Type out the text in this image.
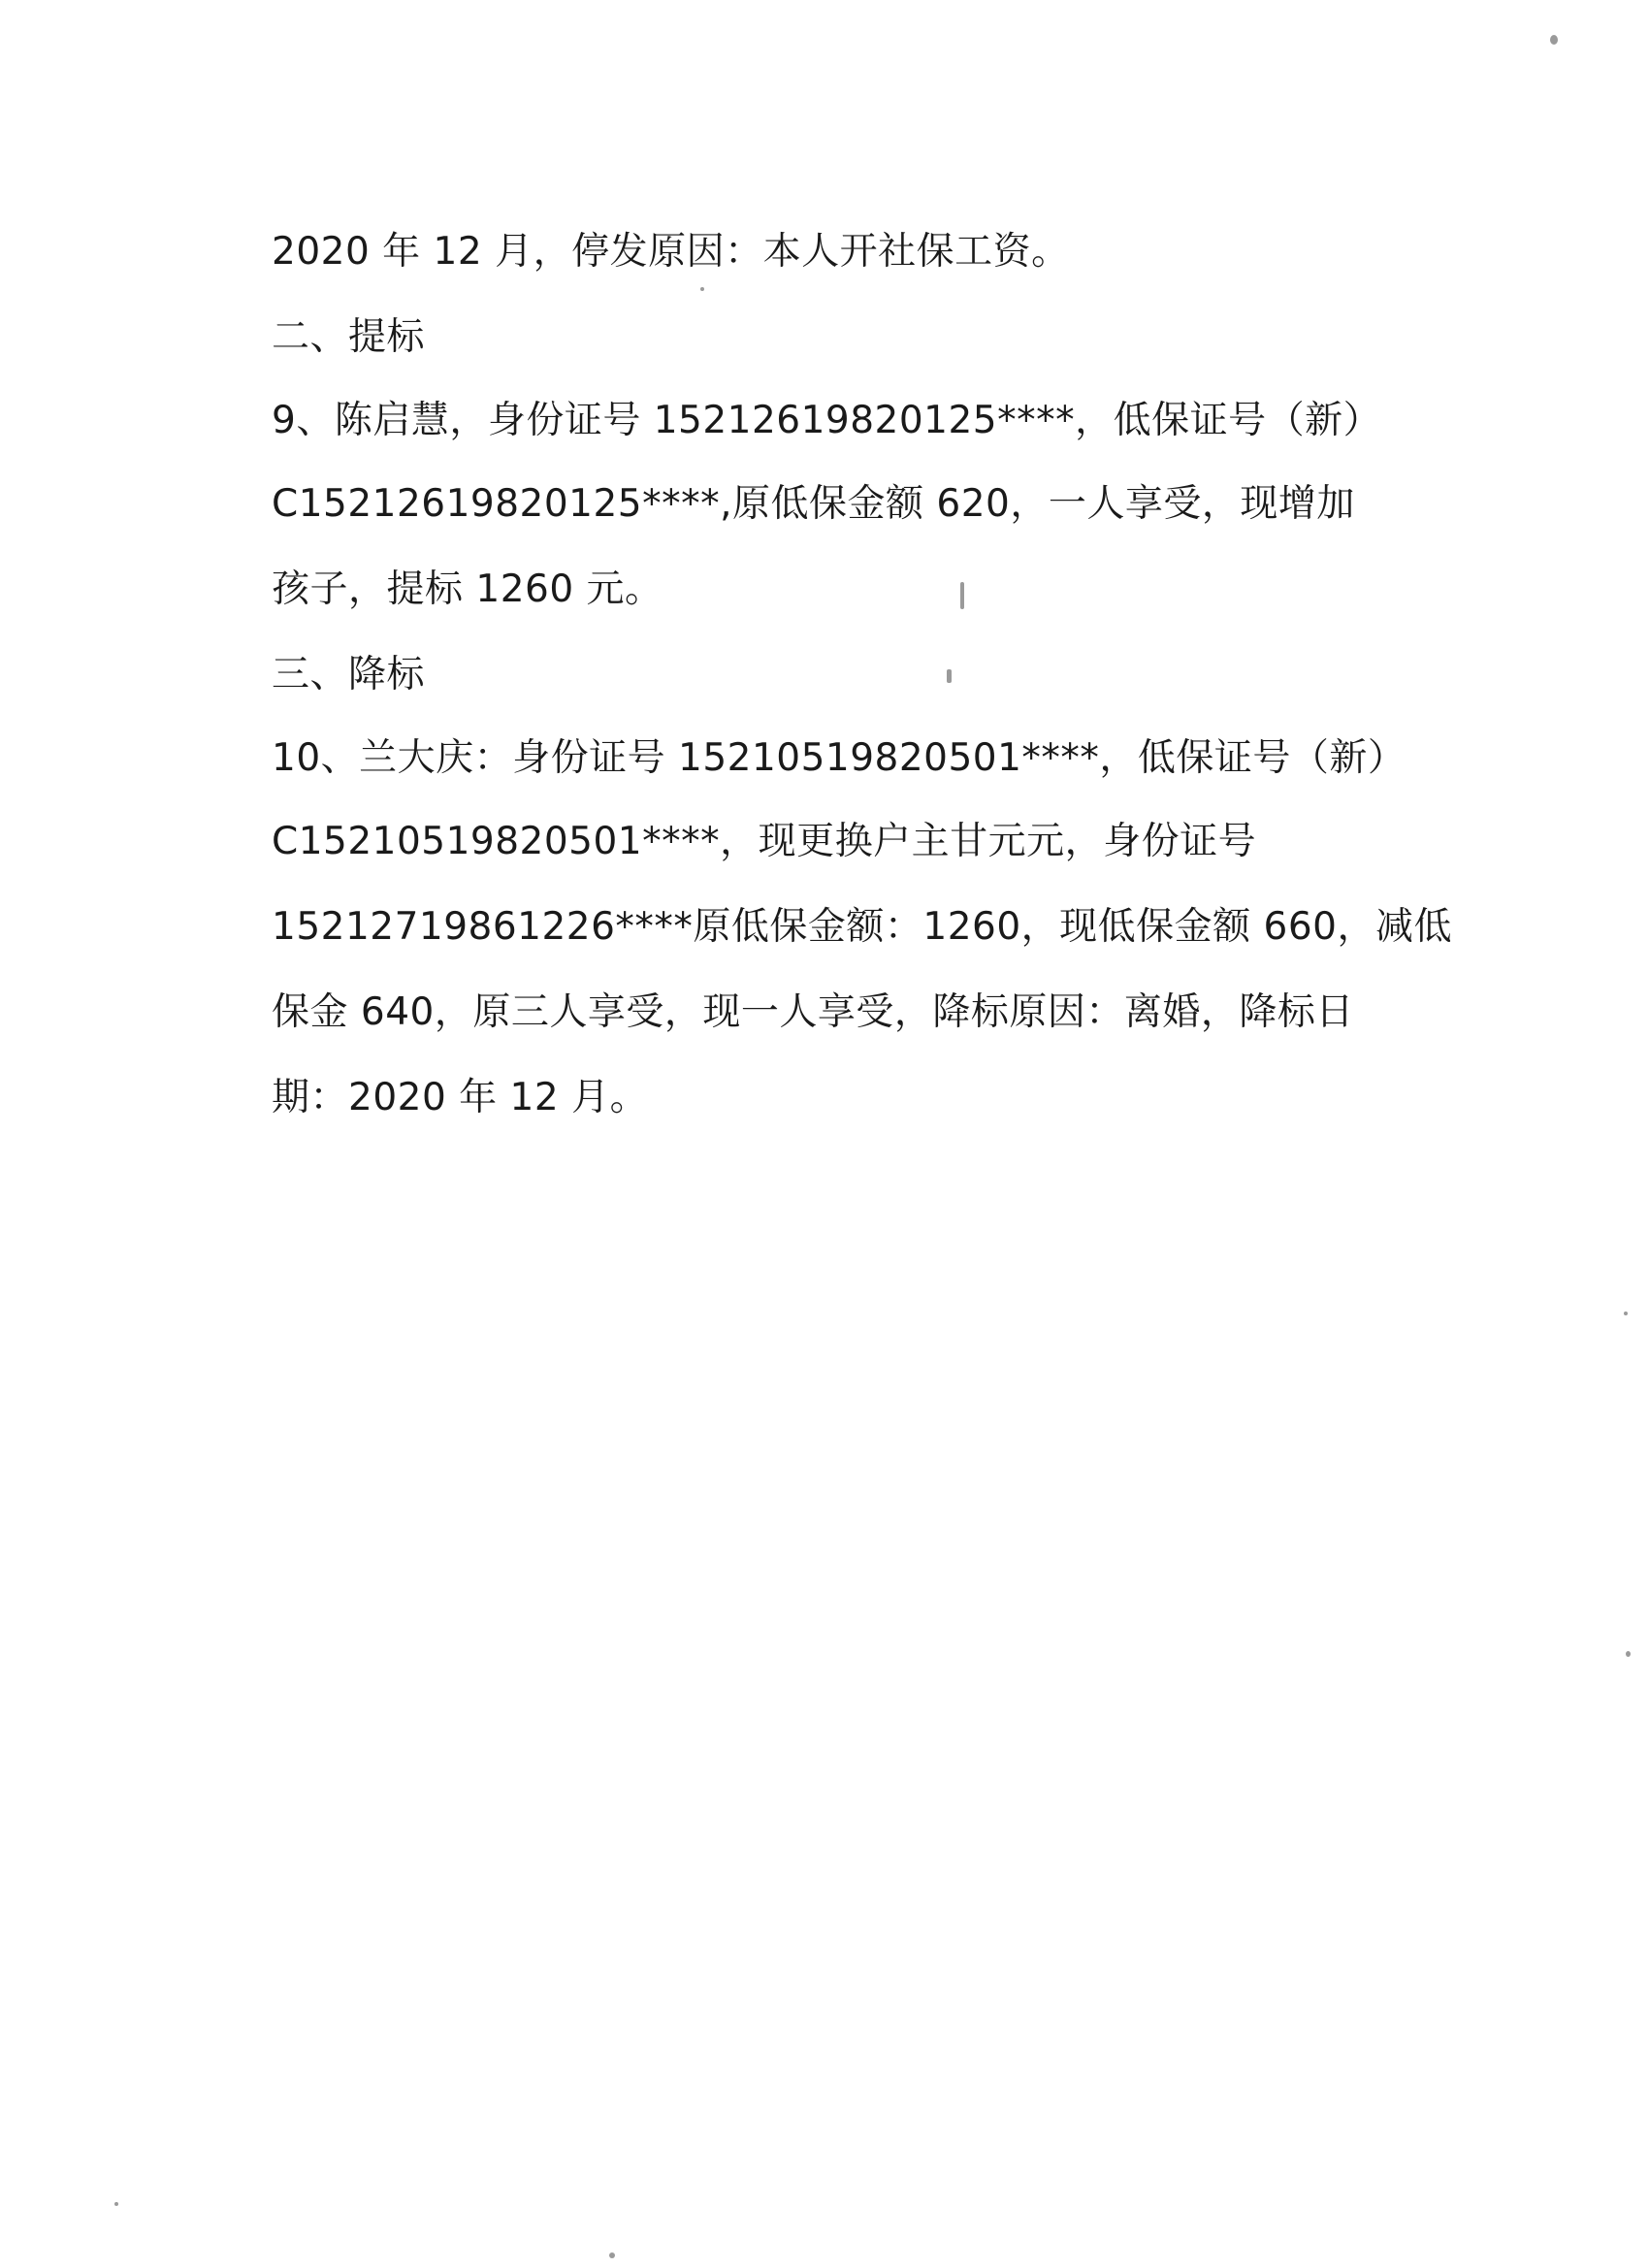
2020 年 12 月，停发原因：本人开社保工资。
二、提标
9、陈启慧，身份证号 15212619820125****，低保证号（新）
C15212619820125****,原低保金额 620，一人享受，现增加
孩子，提标 1260 元。
三、降标
10、兰大庆：身份证号 15210519820501****，低保证号（新）
C15210519820501****，现更换户主甘元元，身份证号
15212719861226****原低保金额：1260，现低保金额 660，减低
保金 640，原三人享受，现一人享受，降标原因：离婚，降标日
期：2020 年 12 月。
